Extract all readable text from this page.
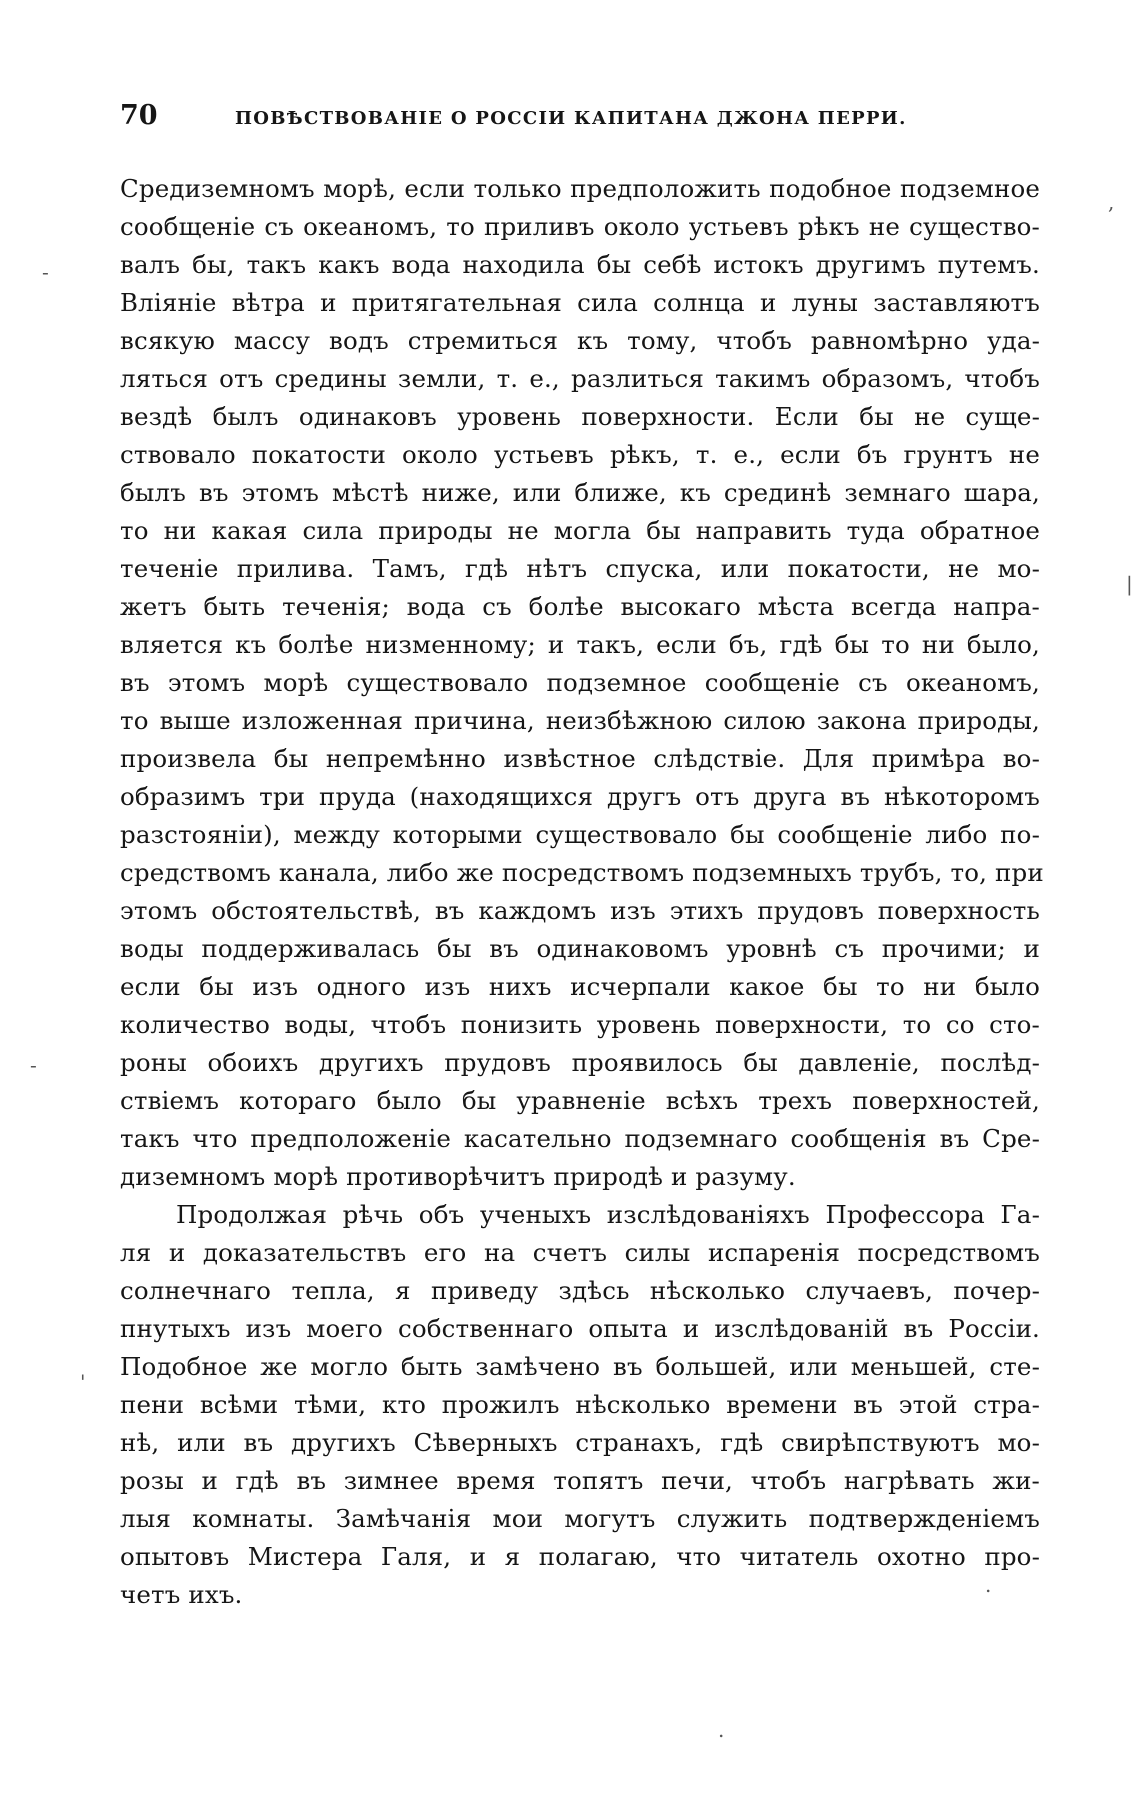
70	ПОВѢСТВОВАНІЕ О РОССІИ КАПИТАНА ДЖОНА ПЕРРИ.
Средиземномъ морѣ, если только предположить подобное подземное
сообщеніе съ океаномъ, то приливъ около устьевъ рѣкъ не существо-
валъ бы, такъ какъ вода находила бы себѣ истокъ другимъ путемъ.
Вліяніе вѣтра и притягательная сила солнца и луны заставляютъ
всякую массу водъ стремиться къ тому, чтобъ равномѣрно уда-
ляться отъ средины земли, т. е., разлиться такимъ образомъ, чтобъ
вездѣ былъ одинаковъ уровень поверхности. Если бы не суще-
ствовало покатости около устьевъ рѣкъ, т. е., если бъ грунтъ не
былъ въ этомъ мѣстѣ ниже, или ближе, къ срединѣ земнаго шара,
то ни какая сила природы не могла бы направить туда обратное
теченіе прилива. Тамъ, гдѣ нѣтъ спуска, или покатости, не мо-
жетъ быть теченія; вода съ болѣе высокаго мѣста всегда напра-
вляется къ болѣе низменному; и такъ, если бъ, гдѣ бы то ни было,
въ этомъ морѣ существовало подземное сообщеніе съ океаномъ,
то выше изложенная причина, неизбѣжною силою закона природы,
произвела бы непремѣнно извѣстное слѣдствіе. Для примѣра во-
образимъ три пруда (находящихся другъ отъ друга въ нѣкоторомъ
разстояніи), между которыми существовало бы сообщеніе либо по-
средствомъ канала, либо же посредствомъ подземныхъ трубъ, то, при
этомъ обстоятельствѣ, въ каждомъ изъ этихъ прудовъ поверхность
воды поддерживалась бы въ одинаковомъ уровнѣ съ прочими; и
если бы изъ одного изъ нихъ исчерпали какое бы то ни было
количество воды, чтобъ понизить уровень поверхности, то со сто-
роны обоихъ другихъ прудовъ проявилось бы давленіе, послѣд-
ствіемъ котораго было бы уравненіе всѣхъ трехъ поверхностей,
такъ что предположеніе касательно подземнаго сообщенія въ Сре-
диземномъ морѣ противорѣчитъ природѣ и разуму.
Продолжая рѣчь объ ученыхъ изслѣдованіяхъ Профессора Га-
ля и доказательствъ его на счетъ силы испаренія посредствомъ
солнечнаго тепла, я приведу здѣсь нѣсколько случаевъ, почер-
пнутыхъ изъ моего собственнаго опыта и изслѣдованій въ Россіи.
Подобное же могло быть замѣчено въ большей, или меньшей, сте-
пени всѣми тѣми, кто прожилъ нѣсколько времени въ этой стра-
нѣ, или въ другихъ Сѣверныхъ странахъ, гдѣ свирѣпствуютъ мо-
розы и гдѣ въ зимнее время топятъ печи, чтобъ нагрѣвать жи-
лыя комнаты. Замѣчанія мои могутъ служить подтвержденіемъ
опытовъ Мистера Галя, и я полагаю, что читатель охотно про-
четъ ихъ.
,
-
|
-
'
.
.
